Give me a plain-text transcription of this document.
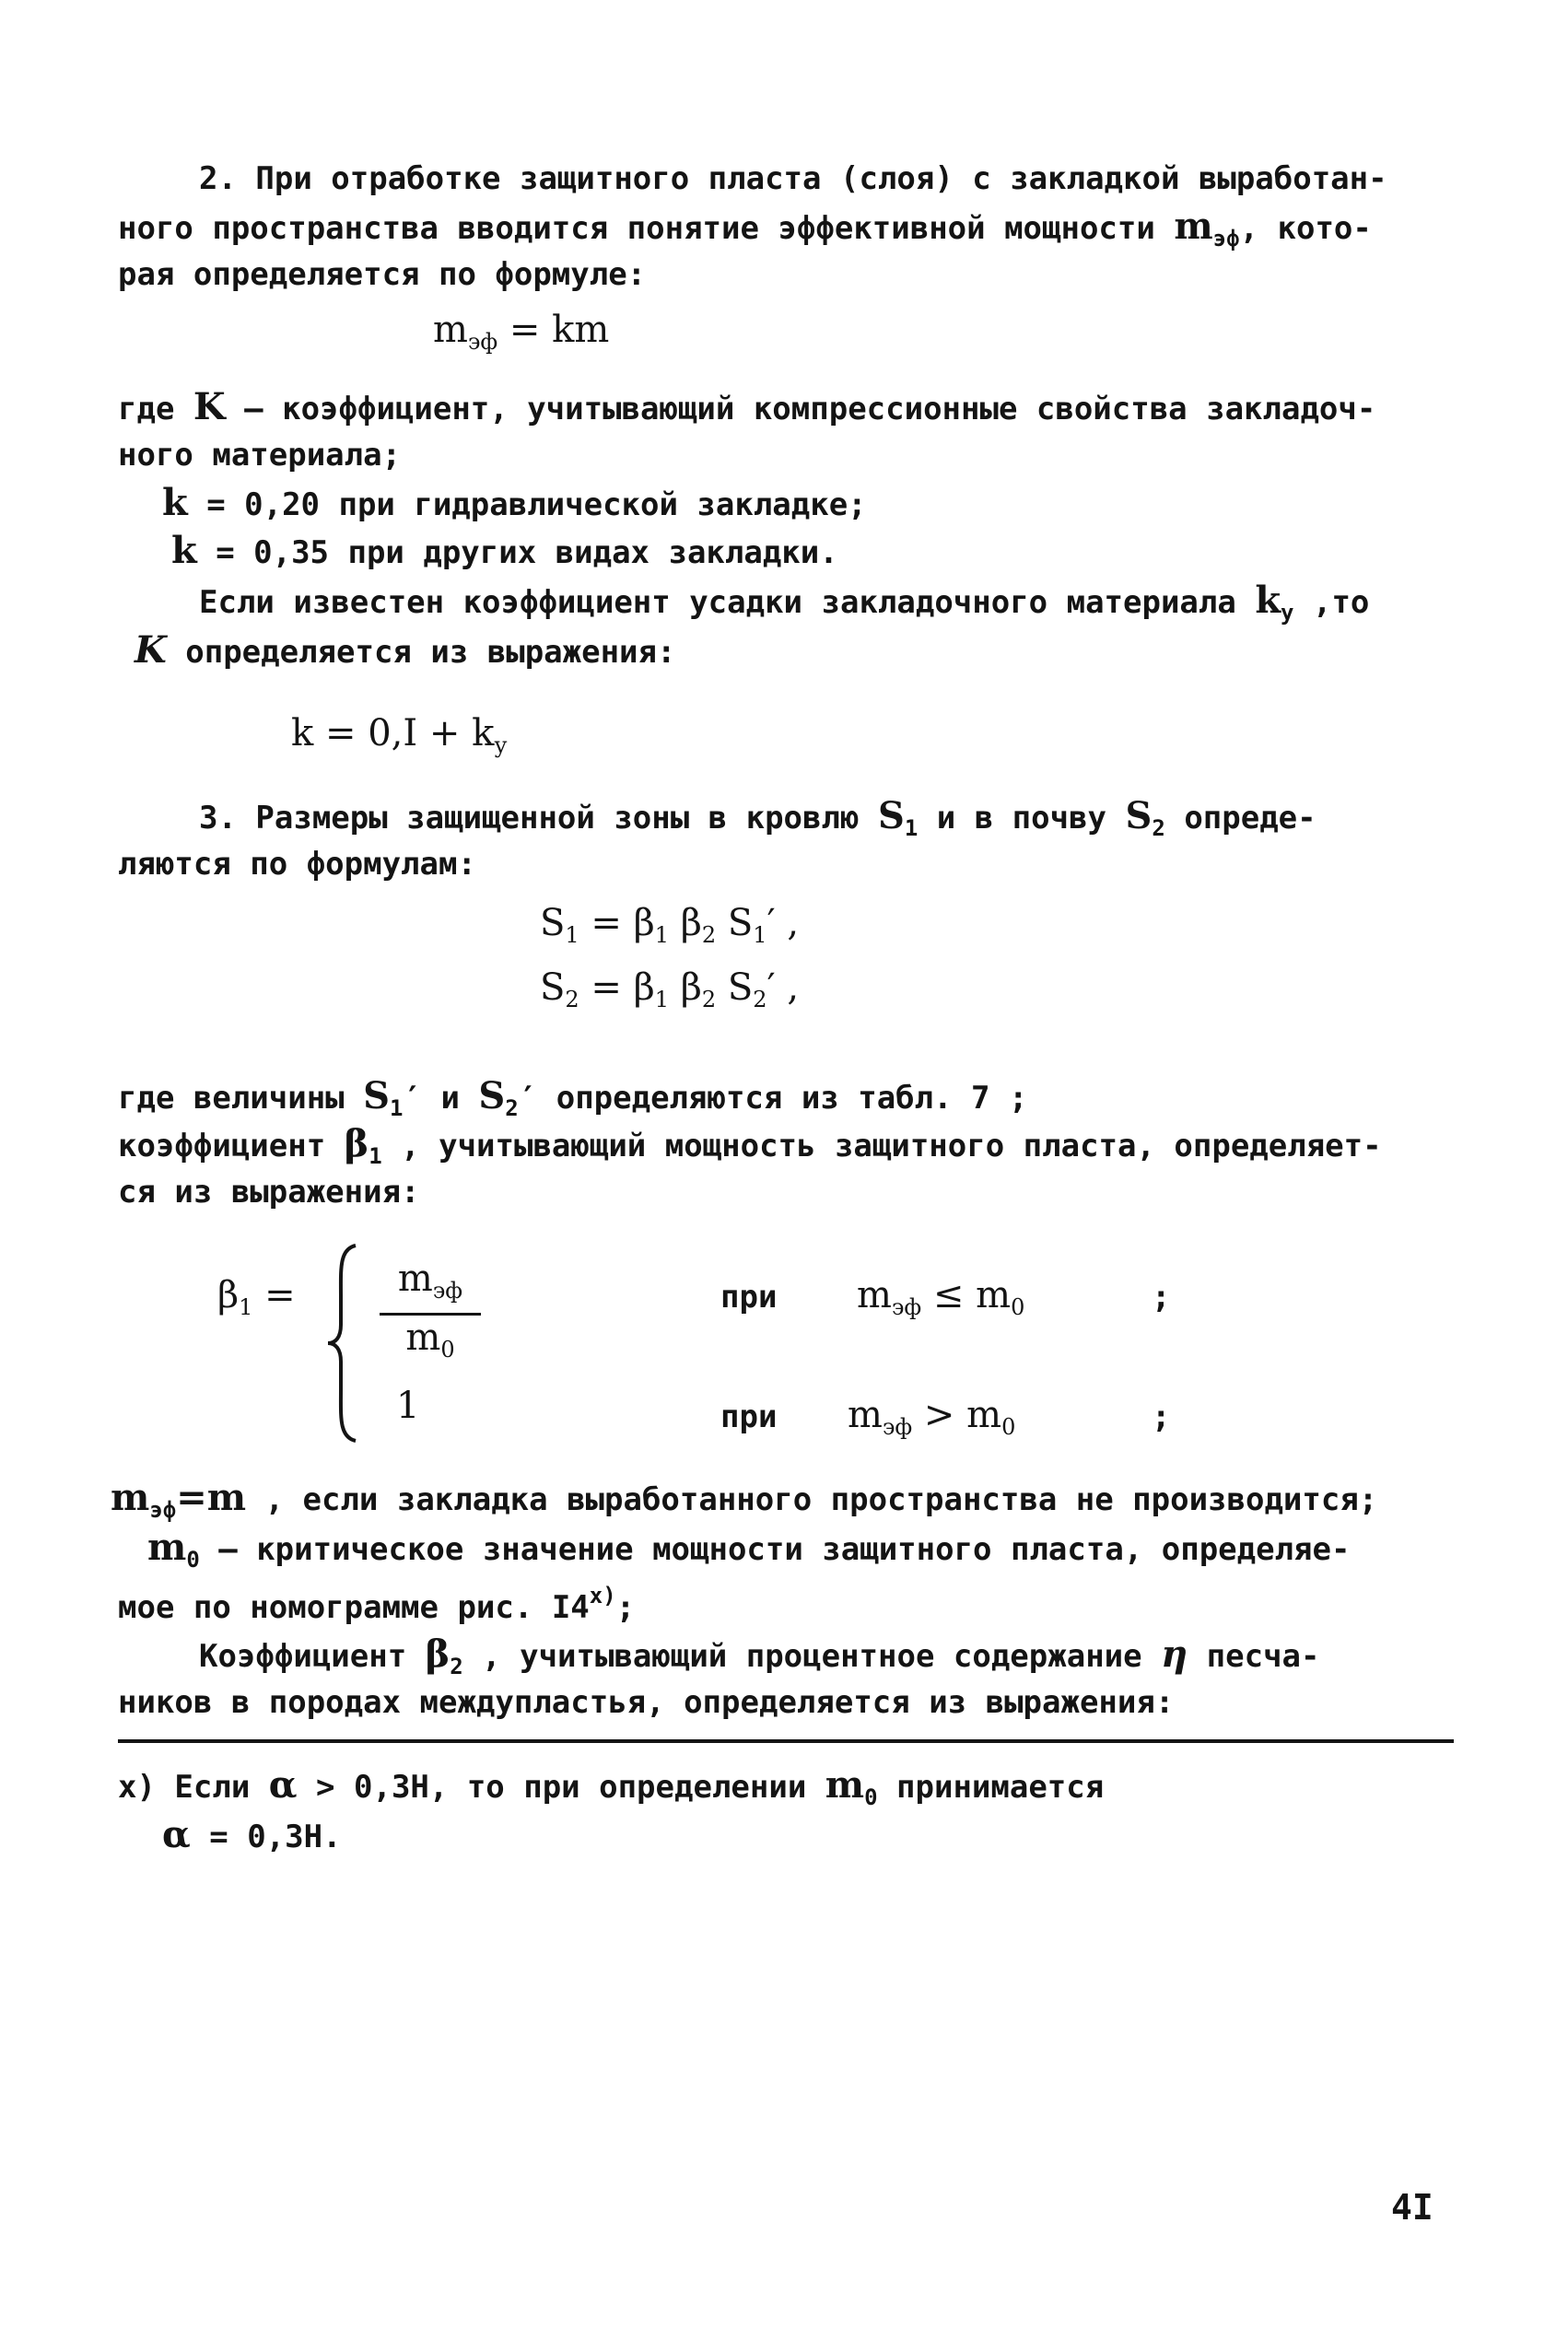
2. При отработке защитного пласта (слоя) с закладкой выработан-

ного пространства вводится понятие эффективной мощности $m_{эф}$, кото-

рая определяется по формуле:

$m_{эф}$ = km

где K – коэффициент, учитывающий компрессионные свойства закладоч-

ного материала;

k = 0,20 при гидравлической закладке;

k = 0,35 при других видах закладки.

Если известен коэффициент усадки закладочного материала $k_у$ ,то

K определяется из выражения:

$k = 0,I + k_у$

3. Размеры защищенной зоны в кровлю $S_1$ и в почву $S_2$ опреде-

ляются по формулам:

$S_1 = \beta_1$ $\beta_2$ $S_1'$ ,

$S_2 = \beta_1$ $\beta_2$ $S_2'$ ,

где величины $S_1'$ и $S_2'$ определяются из табл. 7 ;

коэффициент $\beta_1$ , учитывающий мощность защитного пласта, определяет-

ся из выражения:

$\beta_1$ =	$m_{эф}$
$m_0$

при $m_{эф} \le m_0$	;

1	при $m_{эф} > m_0$	;

$m_{эф}=m$ , если закладка выработанного пространства не производится;

$m_0$ – критическое значение мощности защитного пласта, определяе-

мое по номограмме рис. I4$^{x)}$;

Коэффициент $\beta_2$ , учитывающий процентное содержание η песча-

ников в породах междупластья, определяется из выражения:

x) Если α > 0,3H, то при определении $m_0$ принимается

α = 0,3H.

4I
